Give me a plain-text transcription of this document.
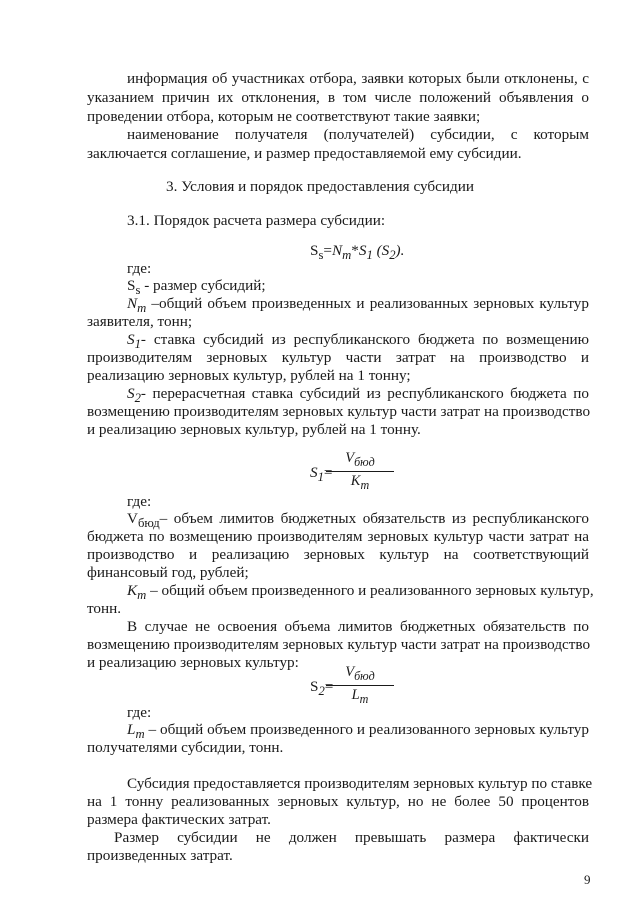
информация об участниках отбора, заявки которых были отклонены, с
указанием причин их отклонения, в том числе положений объявления о
проведении отбора, которым не соответствуют такие заявки;
наименование получателя (получателей) субсидии, с которым
заключается соглашение, и размер предоставляемой ему субсидии.
3. Условия и порядок предоставления субсидии
3.1. Порядок расчета размера субсидии:
$S_s=N_m*S_1$ $(S_2)$.
где:
$S_s$ - размер субсидий;
$N_m$ –общий объем произведенных и реализованных зерновых культур
заявителя, тонн;
$S_1-$ ставка субсидий из республиканского бюджета по возмещению
производителям зерновых культур части затрат на производство и
реализацию зерновых культур, рублей на 1 тонну;
$S_2-$ перерасчетная ставка субсидий из республиканского бюджета по
возмещению производителям зерновых культур части затрат на производство
и реализацию зерновых культур, рублей на 1 тонну.
$S_1=$
$V_{бюд}$
$K_m$
где:
$V_{бюд}-$ объем лимитов бюджетных обязательств из республиканского
бюджета по возмещению производителям зерновых культур части затрат на
производство и реализацию зерновых культур на соответствующий
финансовый год, рублей;
$K_m$ – общий объем произведенного и реализованного зерновых культур,
тонн.
В случае не освоения объема лимитов бюджетных обязательств по
возмещению производителям зерновых культур части затрат на производство
и реализацию зерновых культур:
$S_2=$
$V_{бюд}$
$L_m$
где:
$L_m$ – общий объем произведенного и реализованного зерновых культур
получателями субсидии, тонн.
Субсидия предоставляется производителям зерновых культур по ставке
на 1 тонну реализованных зерновых культур, но не более 50 процентов
размера фактических затрат.
Размер субсидии не должен превышать размера фактически
произведенных затрат.
9
